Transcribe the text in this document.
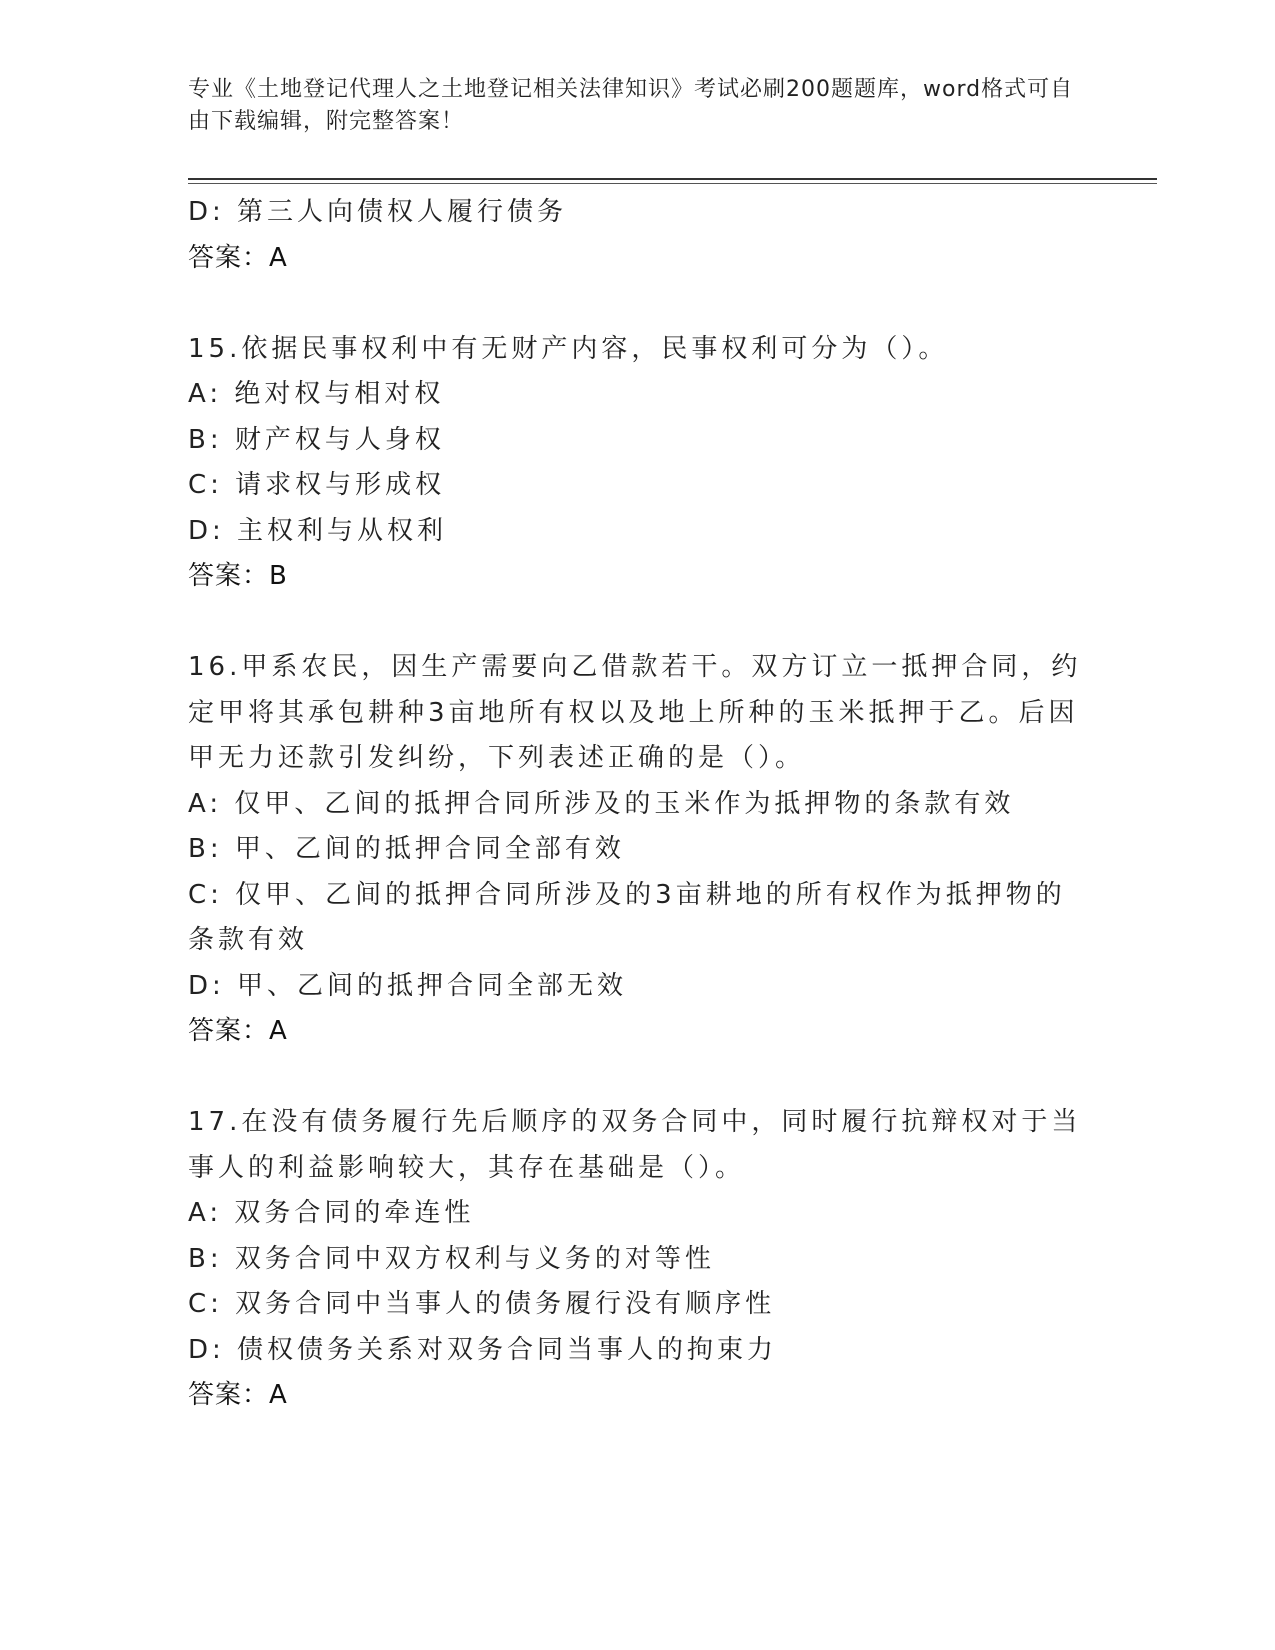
专业《土地登记代理人之土地登记相关法律知识》考试必刷200题题库，word格式可自由下载编辑，附完整答案！
D: 第三人向债权人履行债务
答案：A
15.依据民事权利中有无财产内容，民事权利可分为（）。
A: 绝对权与相对权
B: 财产权与人身权
C: 请求权与形成权
D: 主权利与从权利
答案：B
16.甲系农民，因生产需要向乙借款若干。双方订立一抵押合同，约定甲将其承包耕种3亩地所有权以及地上所种的玉米抵押于乙。后因甲无力还款引发纠纷，下列表述正确的是（）。
A: 仅甲、乙间的抵押合同所涉及的玉米作为抵押物的条款有效
B: 甲、乙间的抵押合同全部有效
C: 仅甲、乙间的抵押合同所涉及的3亩耕地的所有权作为抵押物的条款有效
D: 甲、乙间的抵押合同全部无效
答案：A
17.在没有债务履行先后顺序的双务合同中，同时履行抗辩权对于当事人的利益影响较大，其存在基础是（）。
A: 双务合同的牵连性
B: 双务合同中双方权利与义务的对等性
C: 双务合同中当事人的债务履行没有顺序性
D: 债权债务关系对双务合同当事人的拘束力
答案：A
